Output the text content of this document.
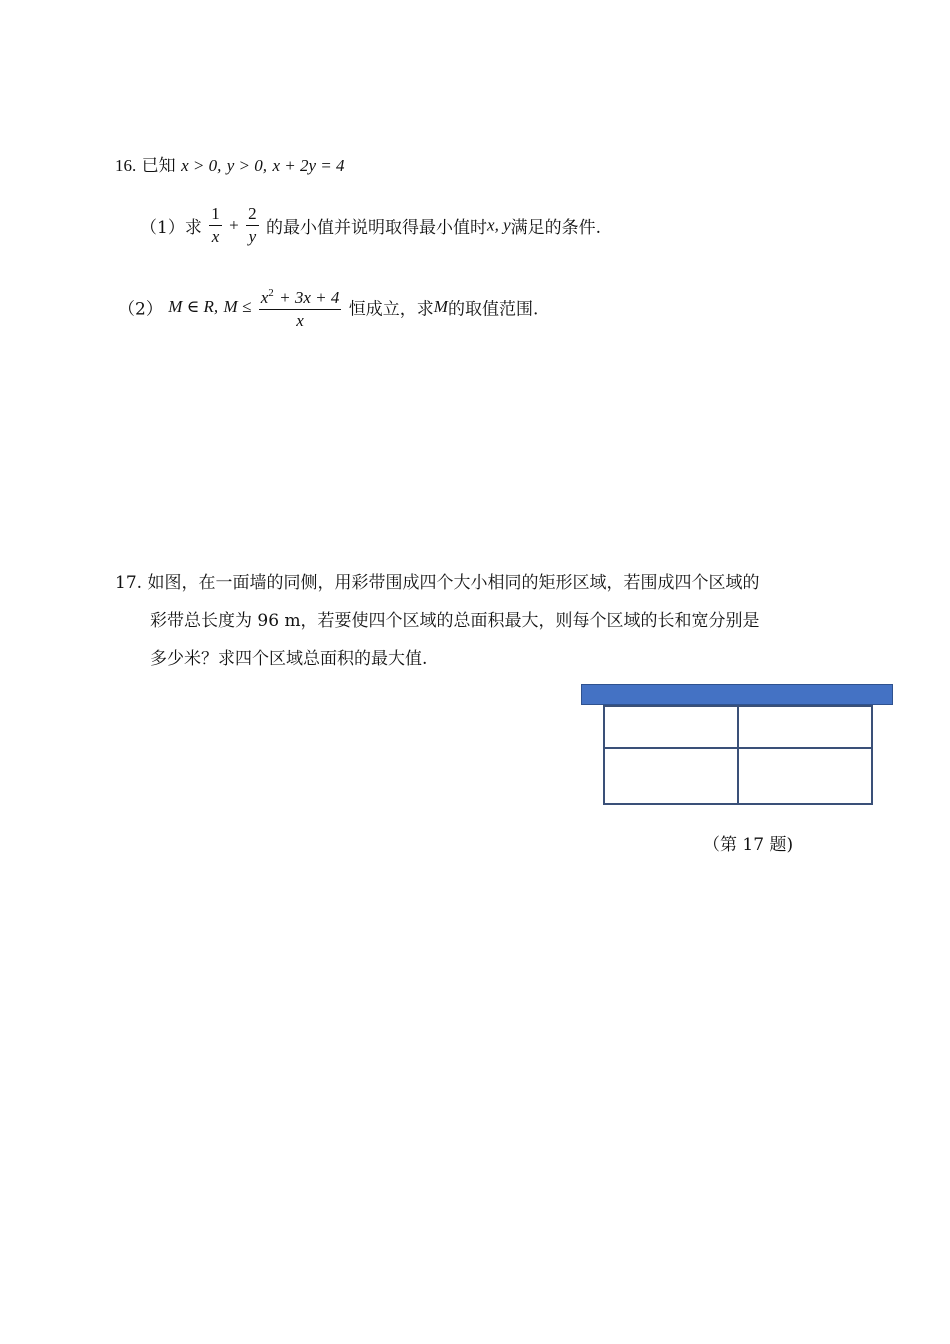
16. 已知 x > 0, y > 0, x + 2y = 4
（1）求 $\frac{1}{x} + \frac{2}{y}$ 的最小值并说明取得最小值时x, y满足的条件.
（2） M ∈ R, $M \le \frac{x^2 + 3x + 4}{x}$ 恒成立，求M的取值范围.
17. 如图，在一面墙的同侧，用彩带围成四个大小相同的矩形区域，若围成四个区域的
彩带总长度为 96 m，若要使四个区域的总面积最大，则每个区域的长和宽分别是
多少米？求四个区域总面积的最大值.
（第 17 题)
